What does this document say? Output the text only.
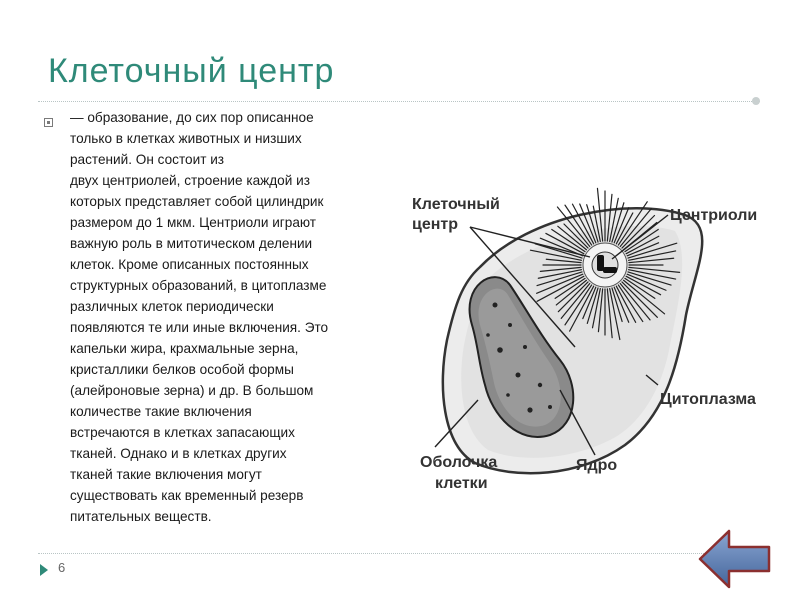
Клеточный центр

— образование, до сих пор описанное
только в клетках животных и низших
растений. Он состоит из
двух центриолей, строение каждой из
которых представляет собой цилиндрик
размером до 1 мкм. Центриоли играют
важную роль в митотическом делении
клеток. Кроме описанных постоянных
структурных образований, в цитоплазме
различных клеток периодически
появляются те или иные включения. Это
капельки жира, крахмальные зерна,
кристаллики белков особой формы
(алейроновые зерна) и др. В большом
количестве такие включения
встречаются в клетках запасающих
тканей. Однако и в клетках других
тканей такие включения могут
существовать как временный резерв
питательных веществ.

Клеточный
центр
Центриоли
Цитоплазма
Оболочка
клетки
Ядро
6
